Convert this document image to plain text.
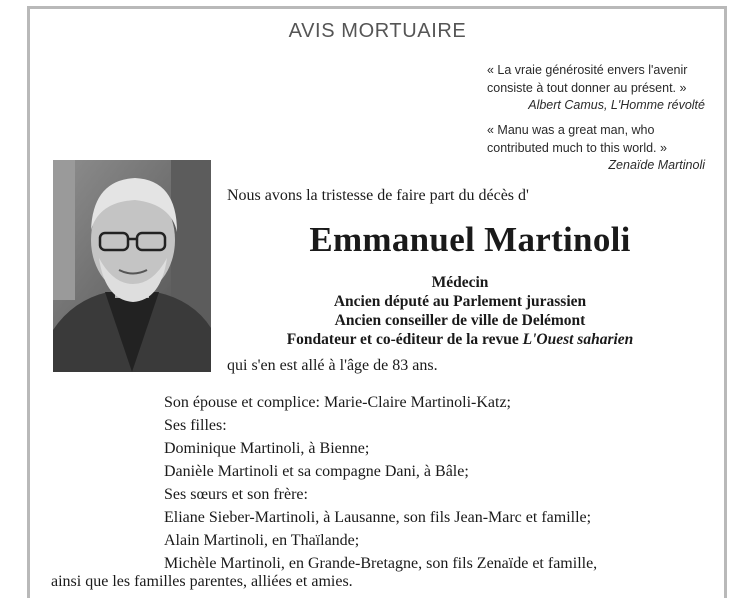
AVIS MORTUAIRE
« La vraie générosité envers l'avenir
consiste à tout donner au présent. »
Albert Camus, L'Homme révolté
« Manu was a great man, who
contributed much to this world. »
Zenaïde Martinoli
Nous avons la tristesse de faire part du décès d'
Emmanuel Martinoli
Médecin
Ancien député au Parlement jurassien
Ancien conseiller de ville de Delémont
Fondateur et co-éditeur de la revue L'Ouest saharien
qui s'en est allé à l'âge de 83 ans.
Son épouse et complice: Marie-Claire Martinoli-Katz;
Ses filles:
Dominique Martinoli, à Bienne;
Danièle Martinoli et sa compagne Dani, à Bâle;
Ses sœurs et son frère:
Eliane Sieber-Martinoli, à Lausanne, son fils Jean-Marc et famille;
Alain Martinoli, en Thaïlande;
Michèle Martinoli, en Grande-Bretagne, son fils Zenaïde et famille,
ainsi que les familles parentes, alliées et amies.
